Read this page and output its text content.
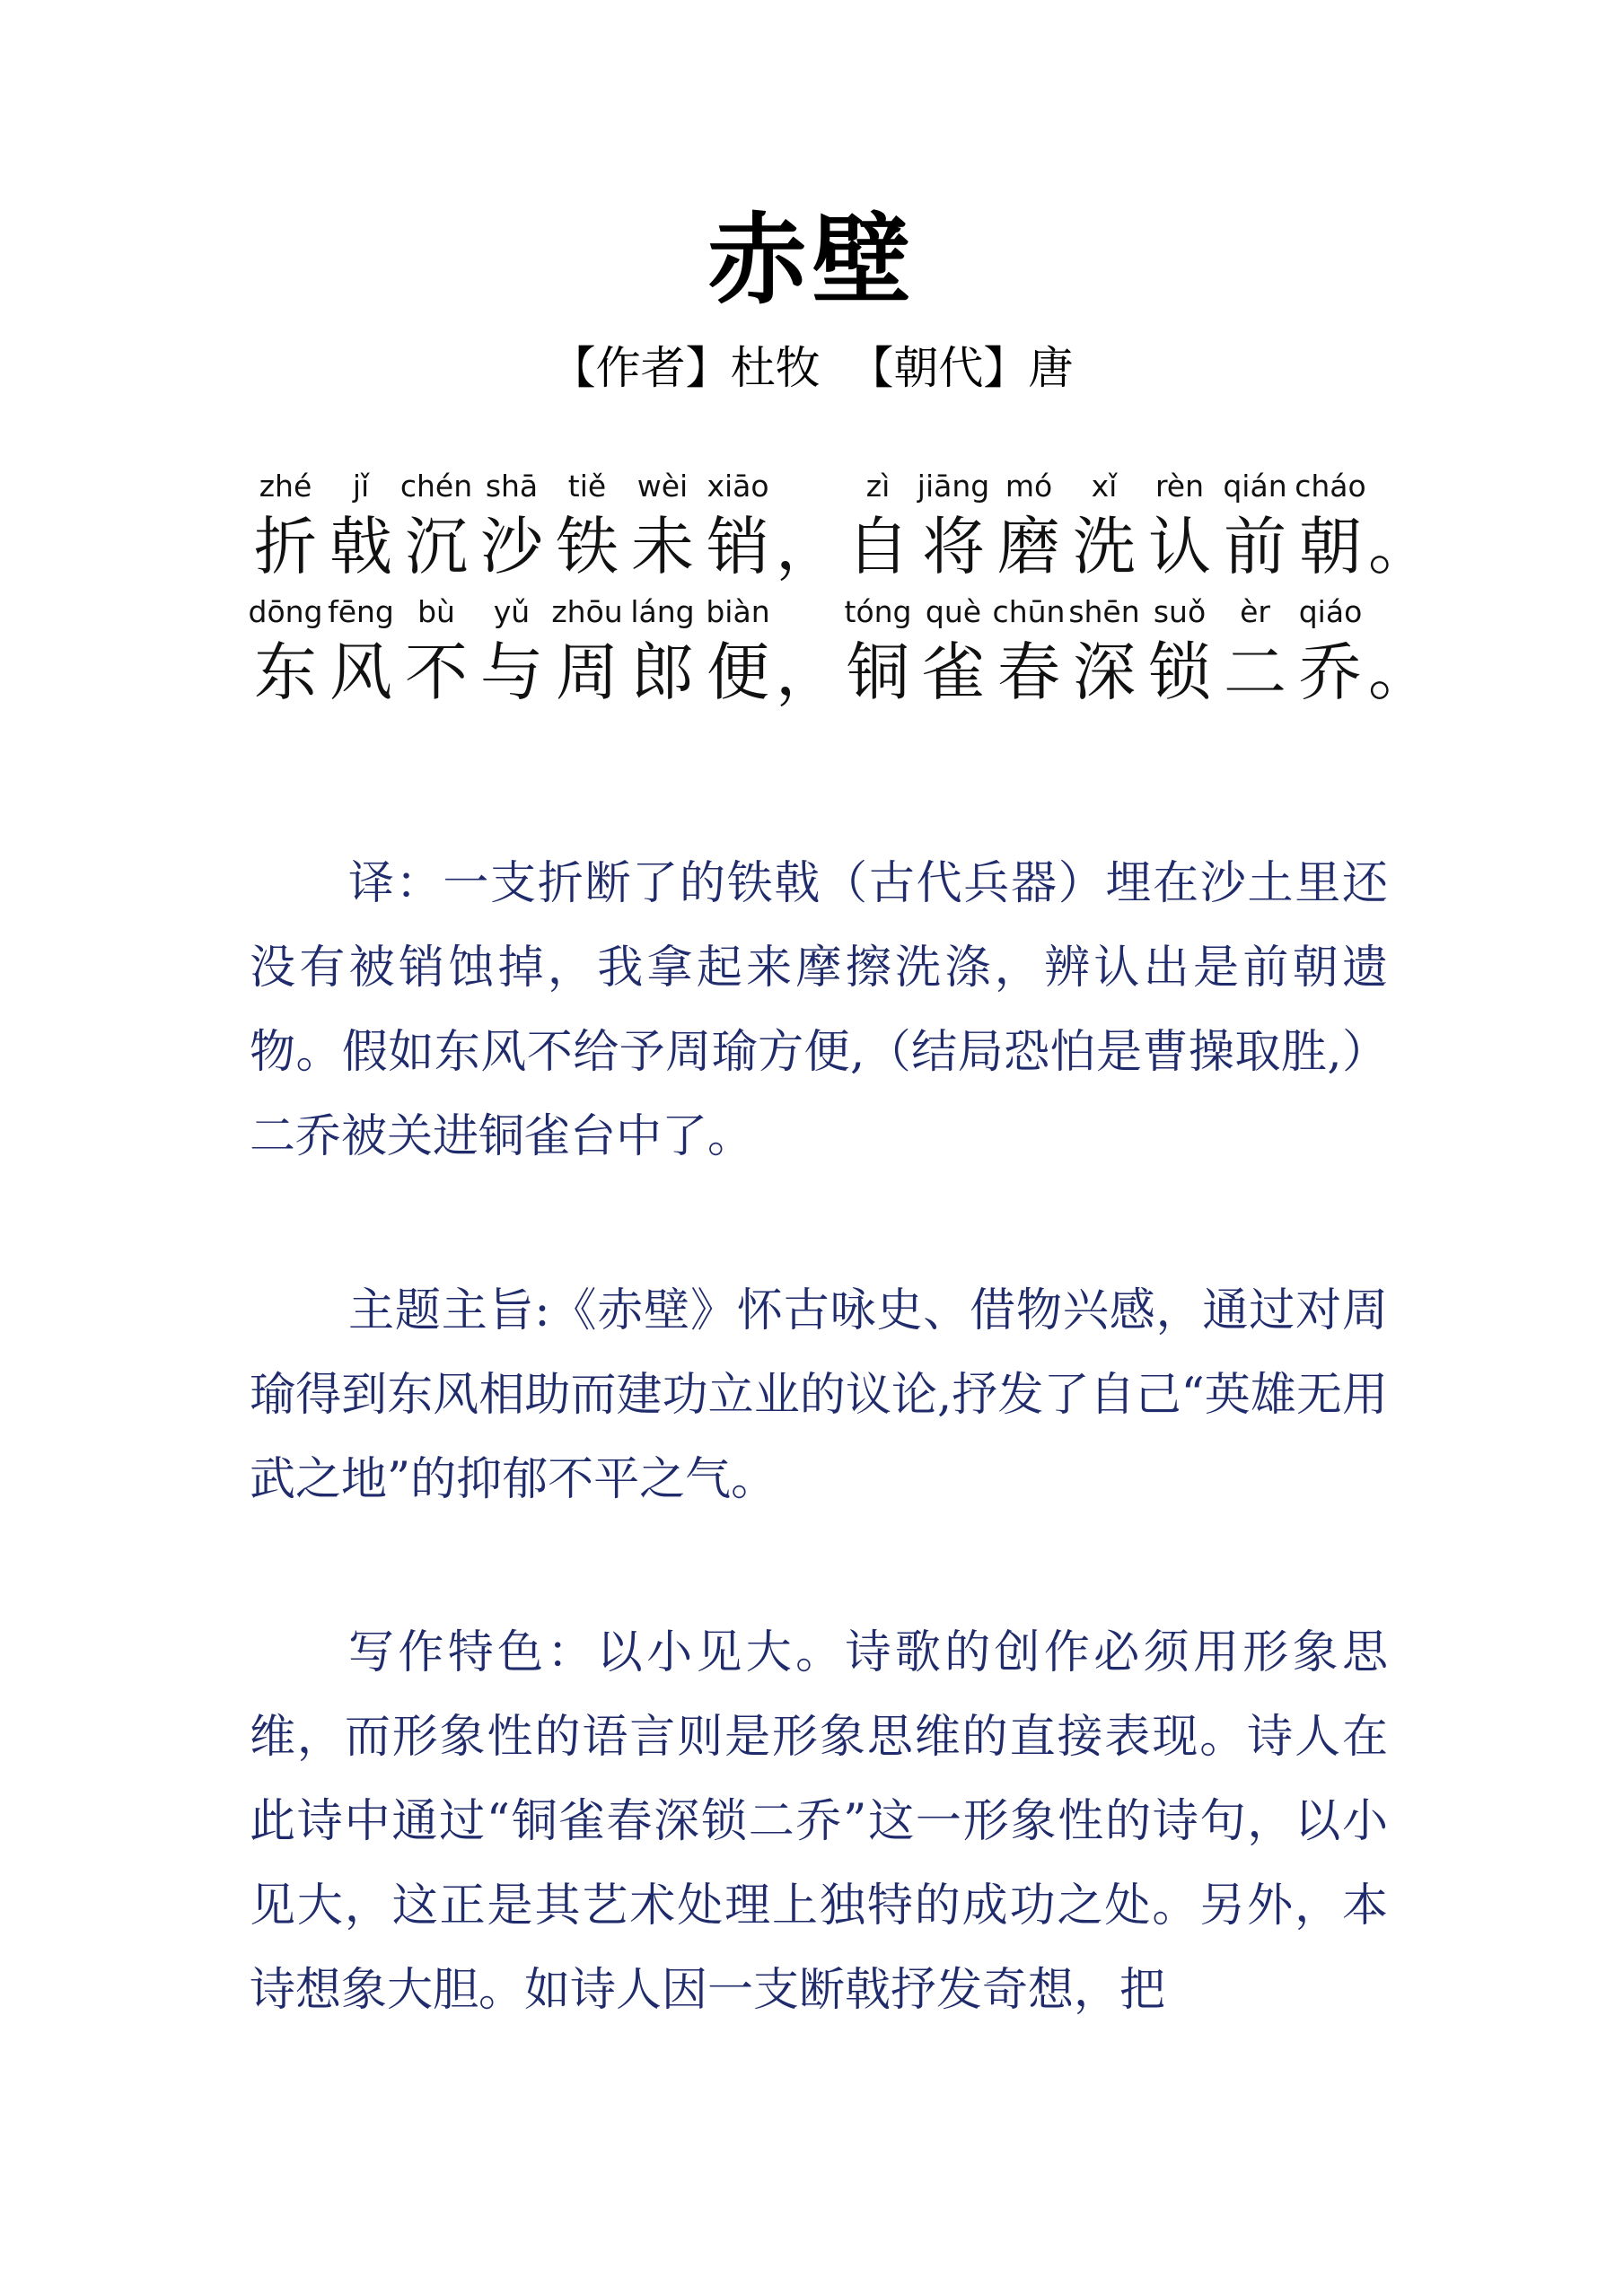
赤壁
【作者】杜牧 【朝代】唐
zhé
折
jǐ
戟
chén
沉
shā
沙
tiě
铁
wèi
未
xiāo
销 ，
zì
自
jiāng
将
mó
磨
xǐ
洗
rèn
认
qián
前
cháo
朝 。
dōng
东
fēng
风
bù
不
yǔ
与
zhōu
周
láng
郎
biàn
便 ，
tóng
铜
què
雀
chūn
春
shēn
深
suǒ
锁
èr
二
qiáo
乔 。

译：一支折断了的铁戟（古代兵器）埋在沙土里还没有被销蚀掉，我拿起来摩擦洗涤，辨认出是前朝遗物。假如东风不给予周瑜方便,（结局恐怕是曹操取胜,）二乔被关进铜雀台中了。

主题主旨:《赤壁》怀古咏史、借物兴感，通过对周瑜得到东风相助而建功立业的议论,抒发了自己“英雄无用武之地”的抑郁不平之气。

写作特色：以小见大。诗歌的创作必须用形象思维，而形象性的语言则是形象思维的直接表现。诗人在此诗中通过“铜雀春深锁二乔”这一形象性的诗句，以小见大，这正是其艺术处理上独特的成功之处。另外，本诗想象大胆。如诗人因一支断戟抒发奇想，把
